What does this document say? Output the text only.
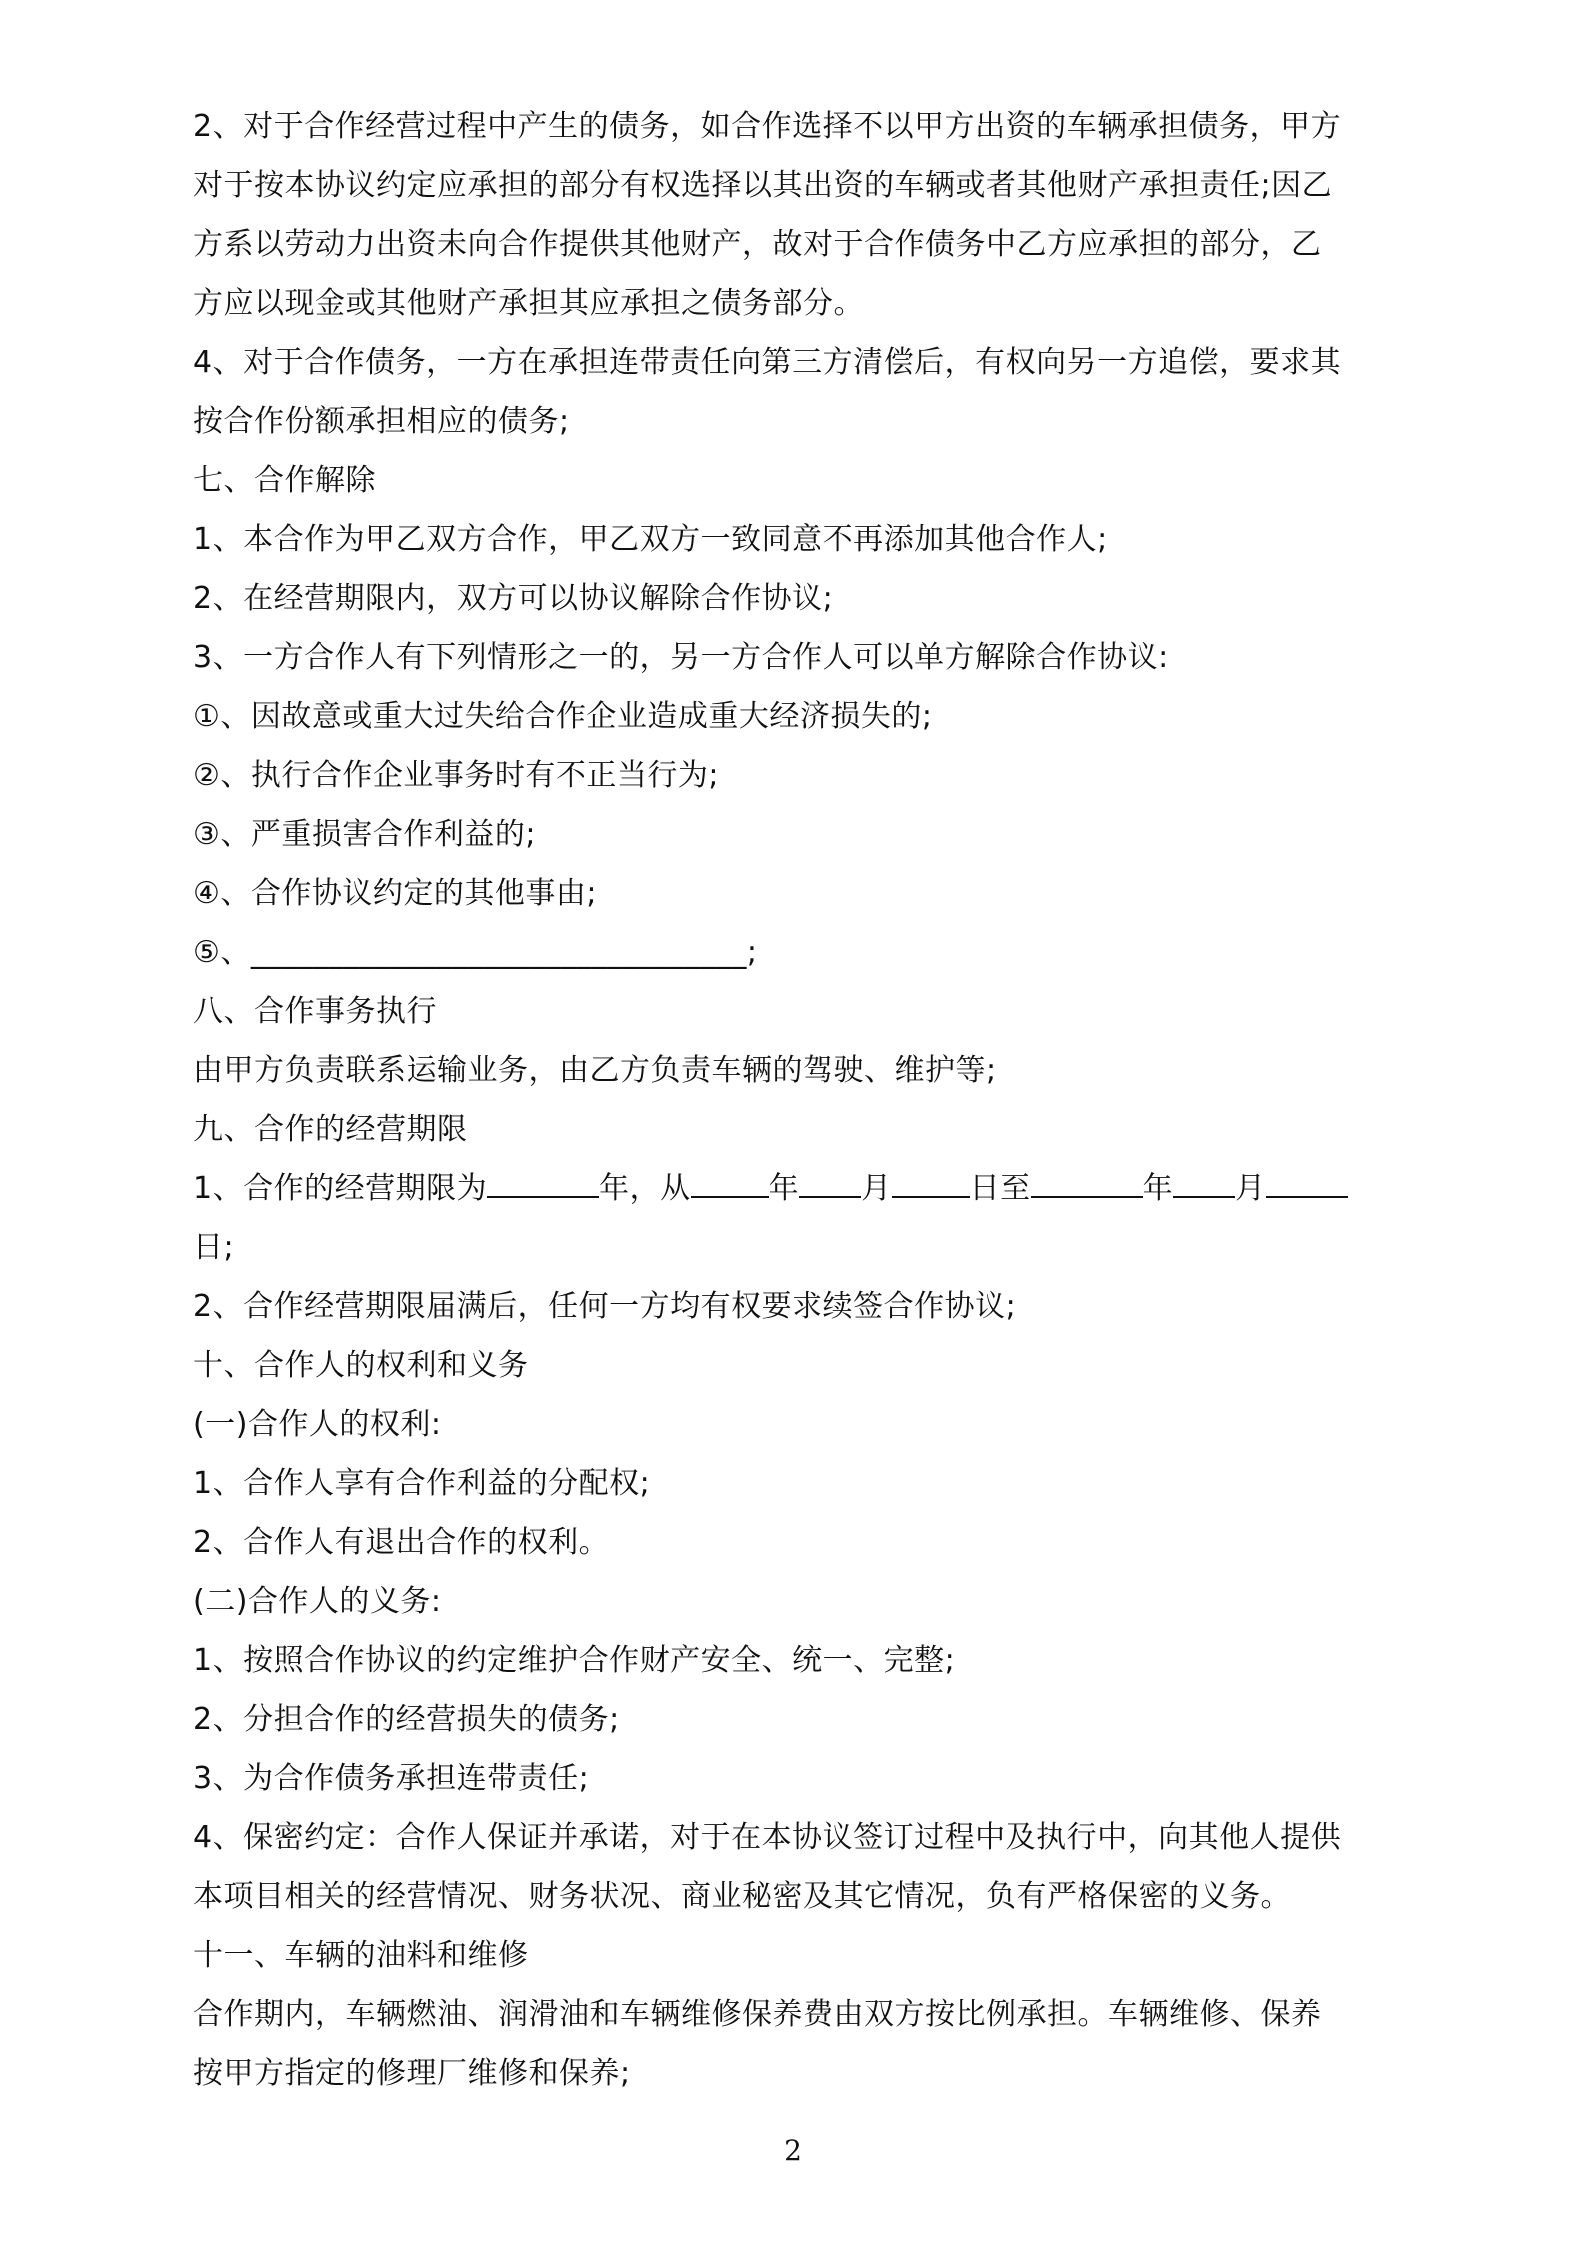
2、对于合作经营过程中产生的债务，如合作选择不以甲方出资的车辆承担债务，甲方
对于按本协议约定应承担的部分有权选择以其出资的车辆或者其他财产承担责任;因乙
方系以劳动力出资未向合作提供其他财产，故对于合作债务中乙方应承担的部分，乙
方应以现金或其他财产承担其应承担之债务部分。
4、对于合作债务，一方在承担连带责任向第三方清偿后，有权向另一方追偿，要求其
按合作份额承担相应的债务;
七、合作解除
1、本合作为甲乙双方合作，甲乙双方一致同意不再添加其他合作人;
2、在经营期限内，双方可以协议解除合作协议;
3、一方合作人有下列情形之一的，另一方合作人可以单方解除合作协议:
①、因故意或重大过失给合作企业造成重大经济损失的;
②、执行合作企业事务时有不正当行为;
③、严重损害合作利益的;
④、合作协议约定的其他事由;
⑤、________________________________;
八、合作事务执行
由甲方负责联系运输业务，由乙方负责车辆的驾驶、维护等;
九、合作的经营期限
1、合作的经营期限为	年，从	年 月	日至	年 月
日;
2、合作经营期限届满后，任何一方均有权要求续签合作协议;
十、合作人的权利和义务
(一)合作人的权利:
1、合作人享有合作利益的分配权;
2、合作人有退出合作的权利。
(二)合作人的义务:
1、按照合作协议的约定维护合作财产安全、统一、完整;
2、分担合作的经营损失的债务;
3、为合作债务承担连带责任;
4、保密约定：合作人保证并承诺，对于在本协议签订过程中及执行中，向其他人提供
本项目相关的经营情况、财务状况、商业秘密及其它情况，负有严格保密的义务。
十一、车辆的油料和维修
合作期内，车辆燃油、润滑油和车辆维修保养费由双方按比例承担。车辆维修、保养
按甲方指定的修理厂维修和保养;
2
